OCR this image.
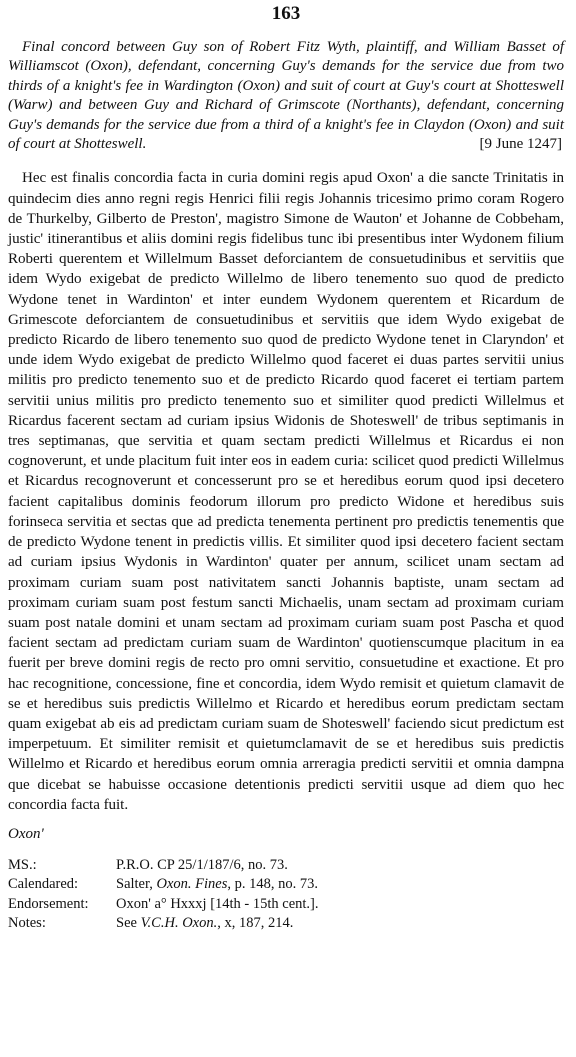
163

Final concord between Guy son of Robert Fitz Wyth, plaintiff, and William Basset of Williamscot (Oxon), defendant, concerning Guy's demands for the service due from two thirds of a knight's fee in Wardington (Oxon) and suit of court at Guy's court at Shotteswell (Warw) and between Guy and Richard of Grimscote (Northants), defendant, concerning Guy's demands for the service due from a third of a knight's fee in Claydon (Oxon) and suit of court at Shotteswell.	[9 June 1247]

Hec est finalis concordia facta in curia domini regis apud Oxon' a die sancte Trinitatis in quindecim dies anno regni regis Henrici filii regis Johannis tricesimo primo coram Rogero de Thurkelby, Gilberto de Preston', magistro Simone de Wauton' et Johanne de Cobbeham, justic' itinerantibus et aliis domini regis fidelibus tunc ibi presentibus inter Wydonem filium Roberti querentem et Willelmum Basset deforciantem de consuetudinibus et servitiis que idem Wydo exigebat de predicto Willelmo de libero tenemento suo quod de predicto Wydone tenet in Wardinton' et inter eundem Wydonem querentem et Ricardum de Grimescote deforciantem de consuetudinibus et servitiis que idem Wydo exigebat de predicto Ricardo de libero tenemento suo quod de predicto Wydone tenet in Claryndon' et unde idem Wydo exigebat de predicto Willelmo quod faceret ei duas partes servitii unius militis pro predicto tenemento suo et de predicto Ricardo quod faceret ei tertiam partem servitii unius militis pro predicto tenemento suo et similiter quod predicti Willelmus et Ricardus facerent sectam ad curiam ipsius Widonis de Shoteswell' de tribus septimanis in tres septimanas, que servitia et quam sectam predicti Willelmus et Ricardus ei non cognoverunt, et unde placitum fuit inter eos in eadem curia: scilicet quod predicti Willelmus et Ricardus recognoverunt et concesserunt pro se et heredibus eorum quod ipsi decetero facient capitalibus dominis feodorum illorum pro predicto Widone et heredibus suis forinseca servitia et sectas que ad predicta tenementa pertinent pro predictis tenementis que de predicto Wydone tenent in predictis villis. Et similiter quod ipsi decetero facient sectam ad curiam ipsius Wydonis in Wardinton' quater per annum, scilicet unam sectam ad proximam curiam suam post nativitatem sancti Johannis baptiste, unam sectam ad proximam curiam suam post festum sancti Michaelis, unam sectam ad proximam curiam suam post natale domini et unam sectam ad proximam curiam suam post Pascha et quod facient sectam ad predictam curiam suam de Wardinton' quotienscumque placitum in ea fuerit per breve domini regis de recto pro omni servitio, consuetudine et exactione. Et pro hac recognitione, concessione, fine et concordia, idem Wydo remisit et quietum clamavit de se et heredibus suis predictis Willelmo et Ricardo et heredibus eorum predictam sectam quam exigebat ab eis ad predictam curiam suam de Shoteswell' faciendo sicut predictum est imperpetuum. Et similiter remisit et quietumclamavit de se et heredibus suis predictis Willelmo et Ricardo et heredibus eorum omnia arreragia predicti servitii et omnia dampna que dicebat se habuisse occasione detentionis predicti servitii usque ad diem quo hec concordia facta fuit.

Oxon'
MS.:	P.R.O. CP 25/1/187/6, no. 73.
Calendared:	Salter, Oxon. Fines, p. 148, no. 73.
Endorsement:	Oxon' a° Hxxxj [14th - 15th cent.].
Notes:	See V.C.H. Oxon., x, 187, 214.
